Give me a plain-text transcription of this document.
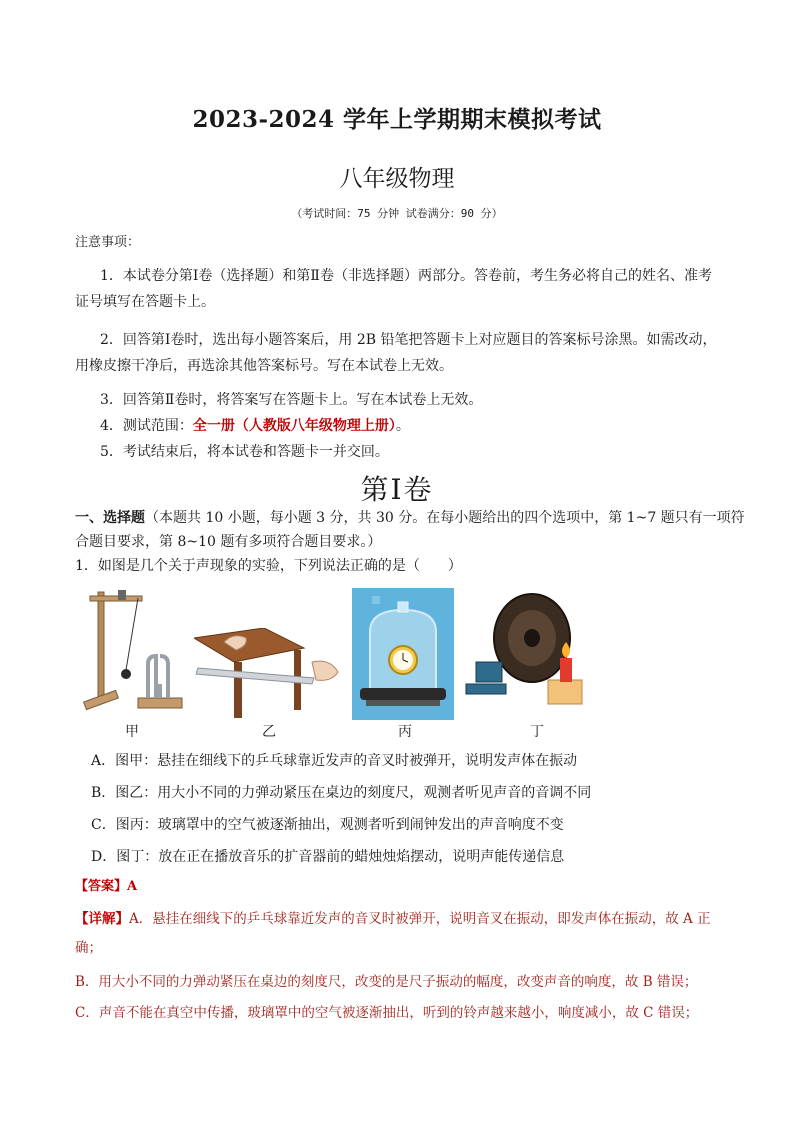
2023-2024 学年上学期期末模拟考试
八年级物理
（考试时间：75 分钟 试卷满分：90 分）
注意事项：
1．本试卷分第Ⅰ卷（选择题）和第Ⅱ卷（非选择题）两部分。答卷前，考生务必将自己的姓名、准考
证号填写在答题卡上。
2．回答第Ⅰ卷时，选出每小题答案后，用 2B 铅笔把答题卡上对应题目的答案标号涂黑。如需改动，
用橡皮擦干净后，再选涂其他答案标号。写在本试卷上无效。
3．回答第Ⅱ卷时，将答案写在答题卡上。写在本试卷上无效。
4．测试范围：全一册（人教版八年级物理上册）。
5．考试结束后，将本试卷和答题卡一并交回。
第Ⅰ卷
一、选择题（本题共 10 小题，每小题 3 分，共 30 分。在每小题给出的四个选项中，第 1~7 题只有一项符
合题目要求，第 8~10 题有多项符合题目要求。）
1．如图是几个关于声现象的实验，下列说法正确的是（　　）
甲	乙	丙	丁
A．图甲：悬挂在细线下的乒乓球靠近发声的音叉时被弹开，说明发声体在振动
B．图乙：用大小不同的力弹动紧压在桌边的刻度尺，观测者听见声音的音调不同
C．图丙：玻璃罩中的空气被逐渐抽出，观测者听到闹钟发出的声音响度不变
D．图丁：放在正在播放音乐的扩音器前的蜡烛烛焰摆动，说明声能传递信息
【答案】A
【详解】A．悬挂在细线下的乒乓球靠近发声的音叉时被弹开，说明音叉在振动，即发声体在振动，故 A 正
确；
B．用大小不同的力弹动紧压在桌边的刻度尺，改变的是尺子振动的幅度，改变声音的响度，故 B 错误；
C．声音不能在真空中传播，玻璃罩中的空气被逐渐抽出，听到的铃声越来越小，响度减小，故 C 错误；
